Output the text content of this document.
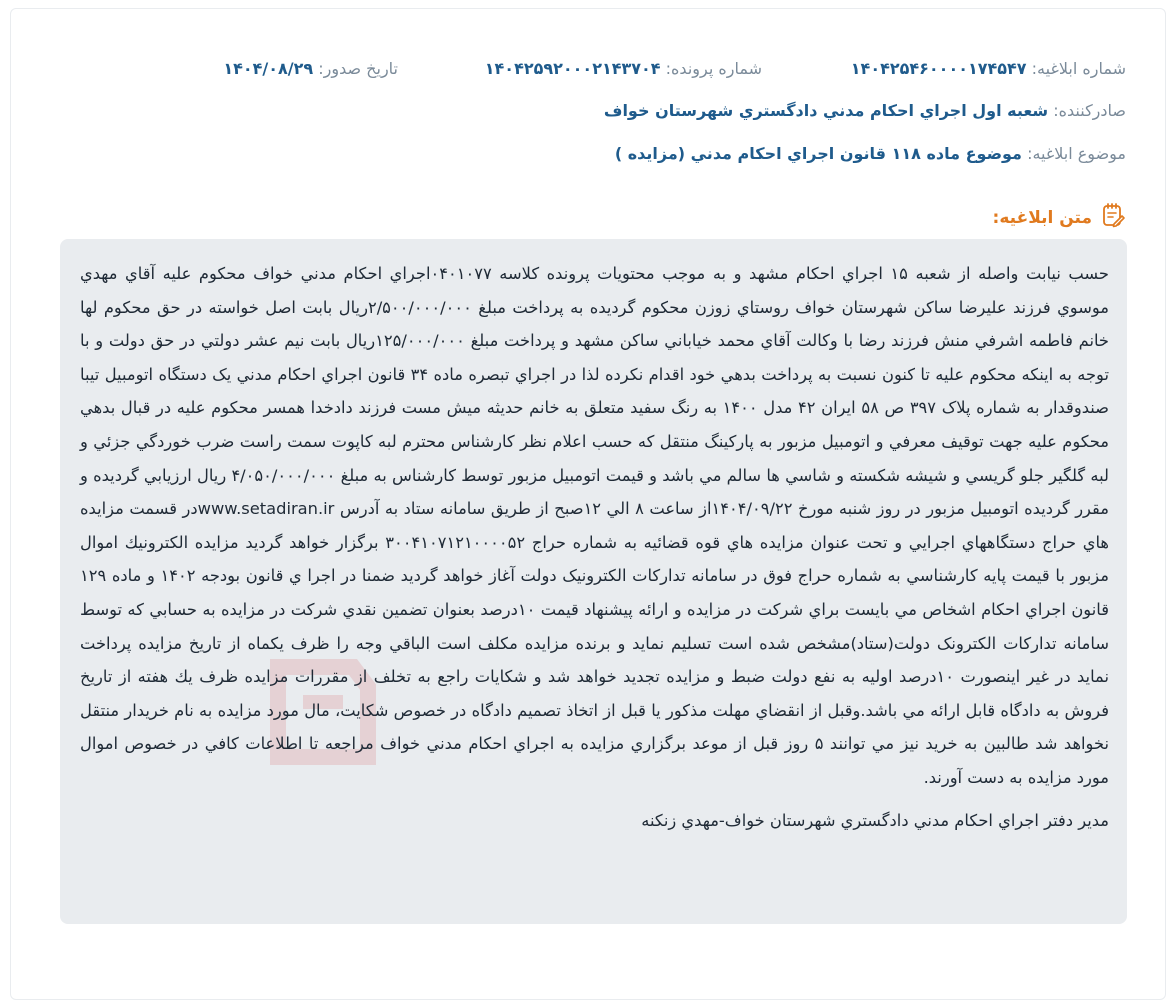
شماره ابلاغيه: ۱۴۰۴۲۵۴۶۰۰۰۰۱۷۴۵۴۷
شماره پرونده: ۱۴۰۴۲۵۹۲۰۰۰۲۱۴۳۷۰۴
تاريخ صدور: ۱۴۰۴/۰۸/۲۹
صادرکننده: شعبه اول اجراي احكام مدني دادگستري شهرستان خواف
موضوع ابلاغيه: موضوع ماده ۱۱۸ قانون اجراي احكام مدني (مزايده )
متن ابلاغيه:
حسب نيابت واصله از شعبه ۱۵ اجراي احكام مشهد و به موجب محتويات پرونده كلاسه ۰۴۰۱۰۷۷اجراي احكام مدني خواف محكوم عليه آقاي مهدي موسوي فرزند عليرضا ساكن شهرستان خواف روستاي زوزن محكوم گرديده به پرداخت مبلغ ۲/۵۰۰/۰۰۰/۰۰۰ريال بابت اصل خواسته در حق محكوم لها خانم فاطمه اشرفي منش فرزند رضا با وكالت آقاي محمد خياباني ساكن مشهد و پرداخت مبلغ ۱۲۵/۰۰۰/۰۰۰ريال بابت نيم عشر دولتي در حق دولت و با توجه به اينكه محكوم عليه تا كنون نسبت به پرداخت بدهي خود اقدام نكرده لذا در اجراي تبصره ماده ۳۴ قانون اجراي احكام مدني يک دستگاه اتومبيل تيبا صندوقدار به شماره پلاک ۳۹۷ ص ۵۸ ايران ۴۲ مدل ۱۴۰۰ به رنگ سفيد متعلق به خانم حديثه ميش مست فرزند دادخدا همسر محكوم عليه در قبال بدهي محكوم عليه جهت توقيف معرفي و اتومبيل مزبور به پاركينگ منتقل كه حسب اعلام نظر كارشناس محترم لبه كاپوت سمت راست ضرب خوردگي جزئي و لبه گلگير جلو گريسي و شيشه شكسته و شاسي ها سالم مي باشد و قيمت اتومبيل مزبور توسط كارشناس به مبلغ ۴/۰۵۰/۰۰۰/۰۰۰ ريال ارزيابي گرديده و مقرر گرديده اتومبيل مزبور در روز شنبه مورخ ۱۴۰۴/۰۹/۲۲از ساعت ۸ الي ۱۲صبح از طريق سامانه ستاد به آدرس www.setadiran.irدر قسمت مزايده هاي حراج دستگاههاي اجرايي و تحت عنوان مزايده هاي قوه قضائيه به شماره حراج ۳۰۰۴۱۰۷۱۲۱۰۰۰۰۵۲ برگزار خواهد گرديد مزايده الكترونيك اموال مزبور با قيمت پايه كارشناسي به شماره حراج فوق در سامانه تداركات الكترونيک دولت آغاز خواهد گرديد ضمنا در اجرا ي قانون بودجه ۱۴۰۲ و ماده ۱۲۹ قانون اجراي احكام اشخاص مي بايست براي شركت در مزايده و ارائه پيشنهاد قيمت ۱۰درصد بعنوان تضمين نقدي شركت در مزايده به حسابي كه توسط سامانه تداركات الكترونک دولت(ستاد)مشخص شده است تسليم نمايد و برنده مزايده مكلف است الباقي وجه را ظرف يكماه از تاريخ مزايده پرداخت نمايد در غير اينصورت ۱۰درصد اوليه به نفع دولت ضبط و مزايده تجديد خواهد شد و شكايات راجع به تخلف از مقررات مزايده ظرف يك هفته از تاريخ فروش به دادگاه قابل ارائه مي باشد.وقبل از انقضاي مهلت مذكور يا قبل از اتخاذ تصميم دادگاه در خصوص شكايت، مال مورد مزايده به نام خريدار منتقل نخواهد شد طالبين به خريد نيز مي توانند ۵ روز قبل از موعد برگزاري مزايده به اجراي احكام مدني خواف مراجعه تا اطلاعات كافي در خصوص اموال مورد مزايده به دست آورند.
مدير دفتر اجراي احكام مدني دادگستري شهرستان خواف-مهدي زنكنه
